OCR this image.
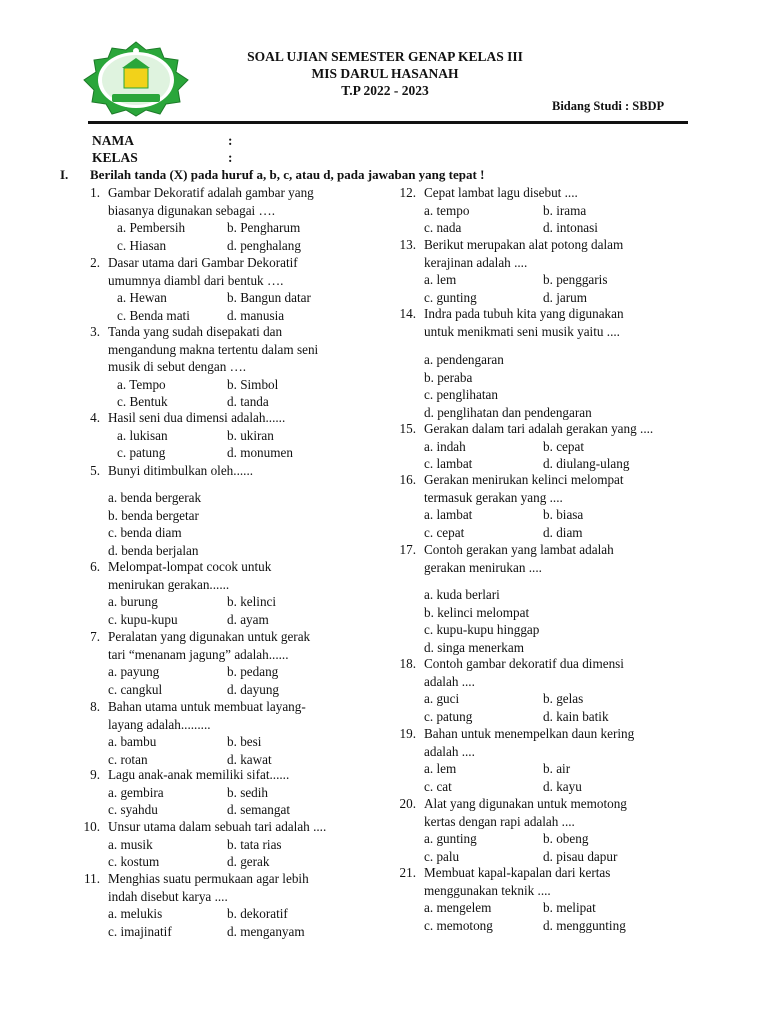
SOAL UJIAN SEMESTER GENAP KELAS III
MIS DARUL HASANAH
T.P 2022 - 2023
Bidang Studi : SBDP
NAMA	:
KELAS	:
I. Berilah tanda (X) pada huruf a, b, c, atau d, pada jawaban yang tepat !
1. Gambar Dekoratif adalah gambar yang
biasanya digunakan sebagai ….
a. Pembersih	b. Pengharum
c. Hiasan	d. penghalang
2. Dasar utama dari Gambar Dekoratif
umumnya diambl dari bentuk ….
a. Hewan	b. Bangun datar
c. Benda mati	d. manusia
3. Tanda yang sudah disepakati dan
mengandung makna tertentu dalam seni
musik di sebut dengan ….
a. Tempo	b. Simbol
c. Bentuk	d. tanda
4. Hasil seni dua dimensi adalah......
a. lukisan	b. ukiran
c. patung	d. monumen
5. Bunyi ditimbulkan oleh......
a. benda bergerak
b. benda bergetar
c. benda diam
d. benda berjalan
6. Melompat-lompat cocok untuk
menirukan gerakan......
a. burung	b. kelinci
c. kupu-kupu	d. ayam
7. Peralatan yang digunakan untuk gerak
tari “menanam jagung” adalah......
a. payung	b. pedang
c. cangkul	d. dayung
8. Bahan utama untuk membuat layang-
layang adalah.........
a. bambu	b. besi
c. rotan	d. kawat
9. Lagu anak-anak memiliki sifat......
a. gembira	b. sedih
c. syahdu	d. semangat
10. Unsur utama dalam sebuah tari adalah ....
a. musik	b. tata rias
c. kostum	d. gerak
11. Menghias suatu permukaan agar lebih
indah disebut karya ....
a. melukis	b. dekoratif
c. imajinatif	d. menganyam
12. Cepat lambat lagu disebut ....
a. tempo	b. irama
c. nada	d. intonasi
13. Berikut merupakan alat potong dalam
kerajinan adalah ....
a. lem	b. penggaris
c. gunting	d. jarum
14. Indra pada tubuh kita yang digunakan
untuk menikmati seni musik yaitu ....
a. pendengaran
b. peraba
c. penglihatan
d. penglihatan dan pendengaran
15. Gerakan dalam tari adalah gerakan yang ....
a. indah	b. cepat
c. lambat	d. diulang-ulang
16. Gerakan menirukan kelinci melompat
termasuk gerakan yang ....
a. lambat	b. biasa
c. cepat	d. diam
17. Contoh gerakan yang lambat adalah
gerakan menirukan ....
a. kuda berlari
b. kelinci melompat
c. kupu-kupu hinggap
d. singa menerkam
18. Contoh gambar dekoratif dua dimensi
adalah ....
a. guci	b. gelas
c. patung	d. kain batik
19. Bahan untuk menempelkan daun kering
adalah ....
a. lem	b. air
c. cat	d. kayu
20. Alat yang digunakan untuk memotong
kertas dengan rapi adalah ....
a. gunting	b. obeng
c. palu	d. pisau dapur
21. Membuat kapal-kapalan dari kertas
menggunakan teknik ....
a. mengelem	b. melipat
c. memotong	d. menggunting
